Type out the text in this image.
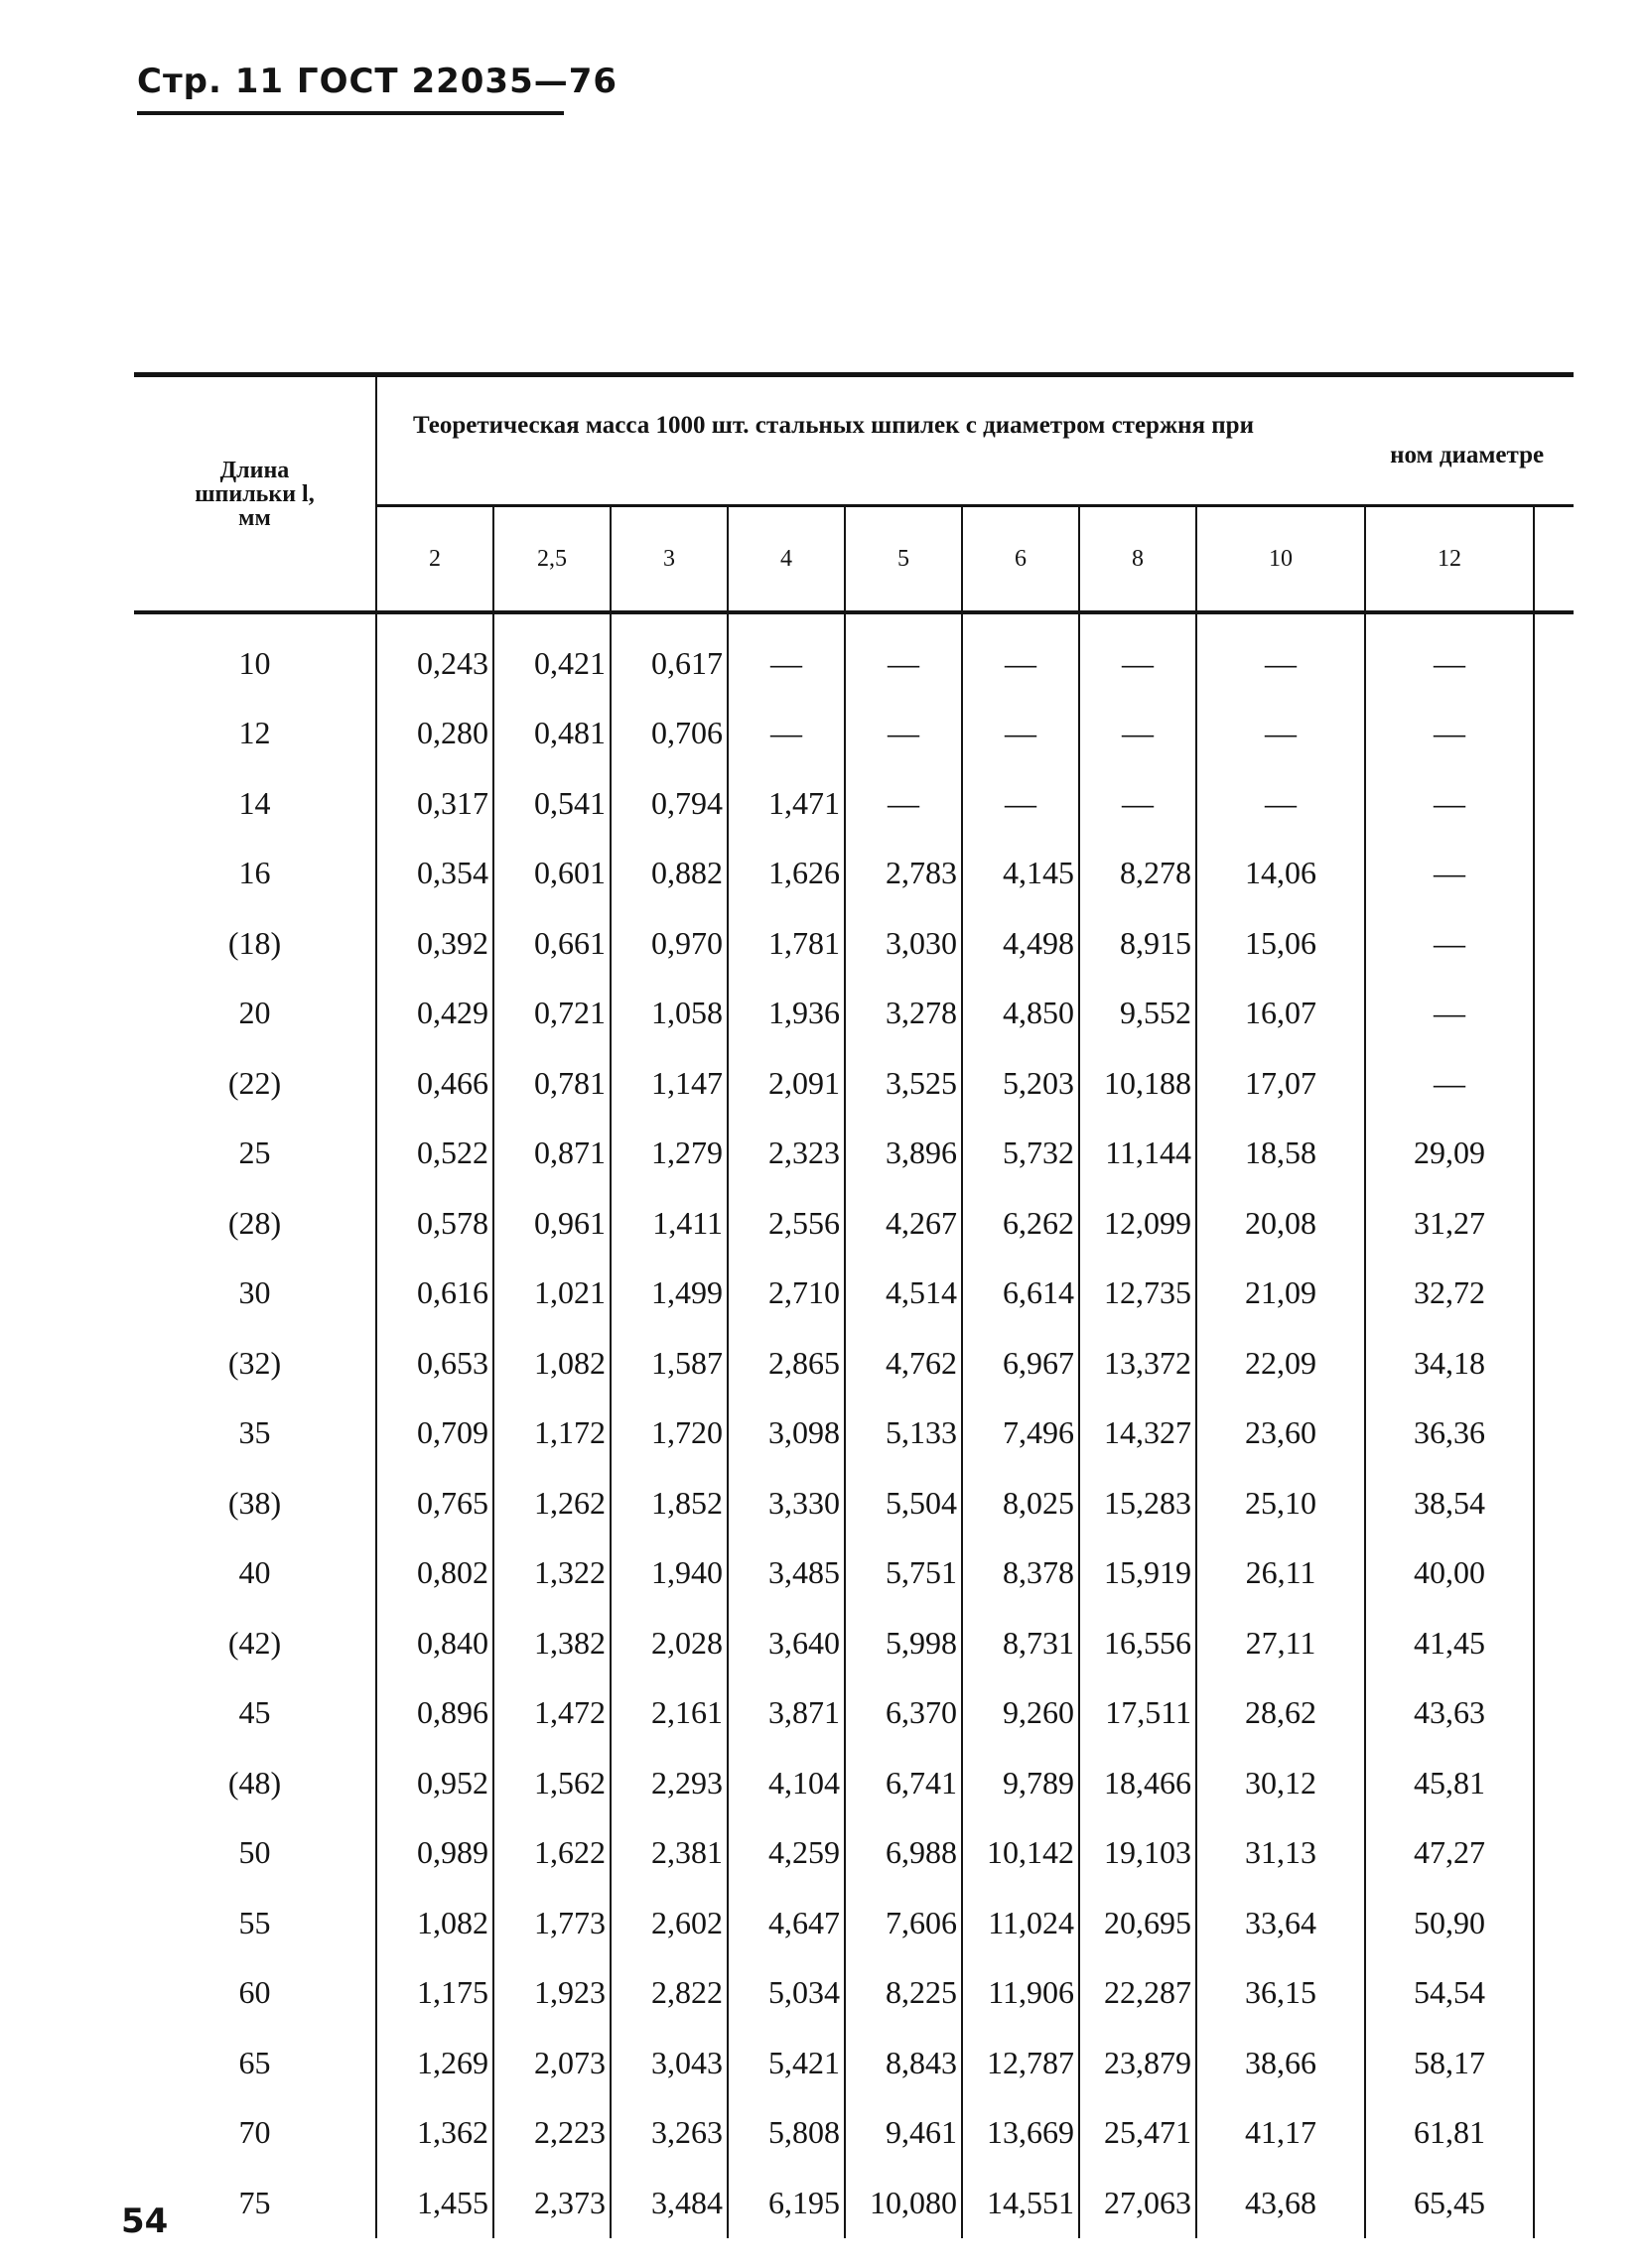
Стр. 11 ГОСТ 22035—76
Длина
шпильки l,
мм	Теоретическая масса 1000 шт. стальных шпилек с диаметром стержня при
ном диаметре									

	2	2,5	3	4	5	6	8	10	12	

10	0,243	0,421	0,617	—	—	—	—	—	—	
12	0,280	0,481	0,706	—	—	—	—	—	—	
14	0,317	0,541	0,794	1,471	—	—	—	—	—	
16	0,354	0,601	0,882	1,626	2,783	4,145	8,278	14,06	—	
(18)	0,392	0,661	0,970	1,781	3,030	4,498	8,915	15,06	—	
20	0,429	0,721	1,058	1,936	3,278	4,850	9,552	16,07	—	
(22)	0,466	0,781	1,147	2,091	3,525	5,203	10,188	17,07	—	
25	0,522	0,871	1,279	2,323	3,896	5,732	11,144	18,58	29,09	
(28)	0,578	0,961	1,411	2,556	4,267	6,262	12,099	20,08	31,27	
30	0,616	1,021	1,499	2,710	4,514	6,614	12,735	21,09	32,72	
(32)	0,653	1,082	1,587	2,865	4,762	6,967	13,372	22,09	34,18	
35	0,709	1,172	1,720	3,098	5,133	7,496	14,327	23,60	36,36	
(38)	0,765	1,262	1,852	3,330	5,504	8,025	15,283	25,10	38,54	
40	0,802	1,322	1,940	3,485	5,751	8,378	15,919	26,11	40,00	
(42)	0,840	1,382	2,028	3,640	5,998	8,731	16,556	27,11	41,45	
45	0,896	1,472	2,161	3,871	6,370	9,260	17,511	28,62	43,63	
(48)	0,952	1,562	2,293	4,104	6,741	9,789	18,466	30,12	45,81	
50	0,989	1,622	2,381	4,259	6,988	10,142	19,103	31,13	47,27	
55	1,082	1,773	2,602	4,647	7,606	11,024	20,695	33,64	50,90	
60	1,175	1,923	2,822	5,034	8,225	11,906	22,287	36,15	54,54	
65	1,269	2,073	3,043	5,421	8,843	12,787	23,879	38,66	58,17	
70	1,362	2,223	3,263	5,808	9,461	13,669	25,471	41,17	61,81	
75	1,455	2,373	3,484	6,195	10,080	14,551	27,063	43,68	65,45	
54
